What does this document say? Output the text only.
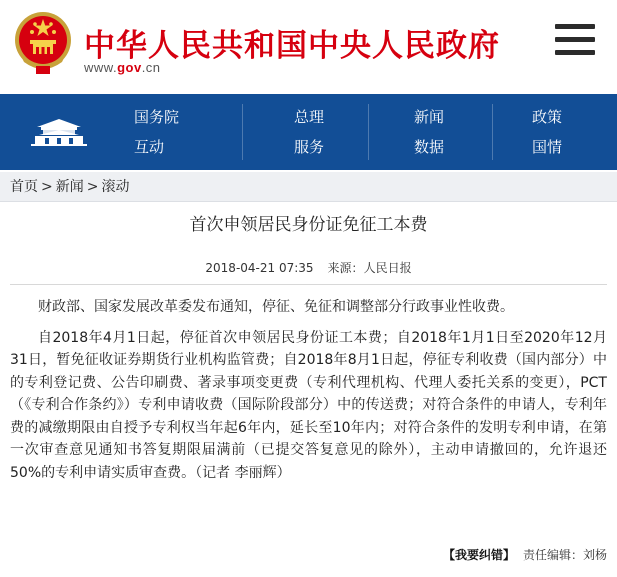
中华人民共和国中央人民政府
www.gov.cn
国务院	总理	新闻	政策
互动	服务	数据	国情
首页 > 新闻 > 滚动
首次申领居民身份证免征工本费
2018-04-21 07:35 来源：人民日报

财政部、国家发展改革委发布通知，停征、免征和调整部分行政事业性收费。

自2018年4月1日起，停征首次申领居民身份证工本费；自2018年1月1日至2020年12月31日，暂免征收证券期货行业机构监管费；自2018年8月1日起，停征专利收费（国内部分）中的专利登记费、公告印刷费、著录事项变更费（专利代理机构、代理人委托关系的变更），PCT（《专利合作条约》）专利申请收费（国际阶段部分）中的传送费；对符合条件的申请人，专利年费的减缴期限由自授予专利权当年起6年内，延长至10年内；对符合条件的发明专利申请，在第一次审查意见通知书答复期限届满前（已提交答复意见的除外），主动申请撤回的，允许退还50%的专利申请实质审查费。（记者 李丽辉）

【我要纠错】 责任编辑：刘杨
